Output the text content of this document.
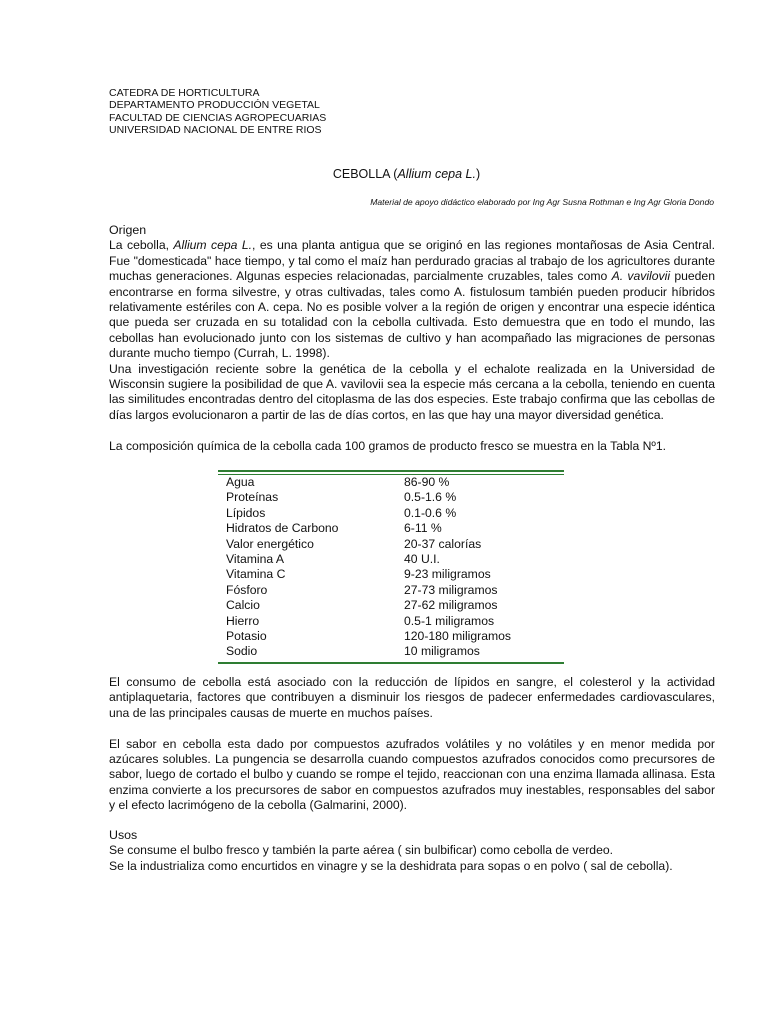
CATEDRA DE HORTICULTURA
DEPARTAMENTO PRODUCCIÓN VEGETAL
FACULTAD DE CIENCIAS AGROPECUARIAS
UNIVERSIDAD NACIONAL DE ENTRE RIOS
CEBOLLA (Allium cepa L.)
Material de apoyo didáctico elaborado por Ing Agr Susna Rothman e Ing Agr Gloria Dondo
Origen

La cebolla, Allium cepa L., es una planta antigua que se originó en las regiones montañosas de Asia Central. Fue "domesticada" hace tiempo, y tal como el maíz han perdurado gracias al trabajo de los agricultores durante muchas generaciones. Algunas especies relacionadas, parcialmente cruzables, tales como A. vavilovii pueden encontrarse en forma silvestre, y otras cultivadas, tales como A. fistulosum también pueden producir híbridos relativamente estériles con A. cepa. No es posible volver a la región de origen y encontrar una especie idéntica que pueda ser cruzada en su totalidad con la cebolla cultivada. Esto demuestra que en todo el mundo, las cebollas han evolucionado junto con los sistemas de cultivo y han acompañado las migraciones de personas durante mucho tiempo (Currah, L. 1998).

Una investigación reciente sobre la genética de la cebolla y el echalote realizada en la Universidad de Wisconsin sugiere la posibilidad de que A. vavilovii sea la especie más cercana a la cebolla, teniendo en cuenta las similitudes encontradas dentro del citoplasma de las dos especies. Este trabajo confirma que las cebollas de días largos evolucionaron a partir de las de días cortos, en las que hay una mayor diversidad genética.

La composición química de la cebolla cada 100 gramos de producto fresco se muestra en la Tabla Nº1.

Agua	86-90 %
Proteínas	0.5-1.6 %
Lípidos	0.1-0.6 %
Hidratos de Carbono	6-11 %
Valor energético	20-37 calorías
Vitamina A	40 U.I.
Vitamina C	9-23 miligramos
Fósforo	27-73 miligramos
Calcio	27-62 miligramos
Hierro	0.5-1 miligramos
Potasio	120-180 miligramos
Sodio	10 miligramos

El consumo de cebolla está asociado con la reducción de lípidos en sangre, el colesterol y la actividad antiplaquetaria, factores que contribuyen a disminuir los riesgos de padecer enfermedades cardiovasculares, una de las principales causas de muerte en muchos países.

El sabor en cebolla esta dado por compuestos azufrados volátiles y no volátiles y en menor medida por azúcares solubles. La pungencia se desarrolla cuando compuestos azufrados conocidos como precursores de sabor, luego de cortado el bulbo y cuando se rompe el tejido, reaccionan con una enzima llamada allinasa. Esta enzima convierte a los precursores de sabor en compuestos azufrados muy inestables, responsables del sabor y el efecto lacrimógeno de la cebolla (Galmarini, 2000).

Usos

Se consume el bulbo fresco y también la parte aérea ( sin bulbificar) como cebolla de verdeo.

Se la industrializa como encurtidos en vinagre y se la deshidrata para sopas o en polvo ( sal de cebolla).
